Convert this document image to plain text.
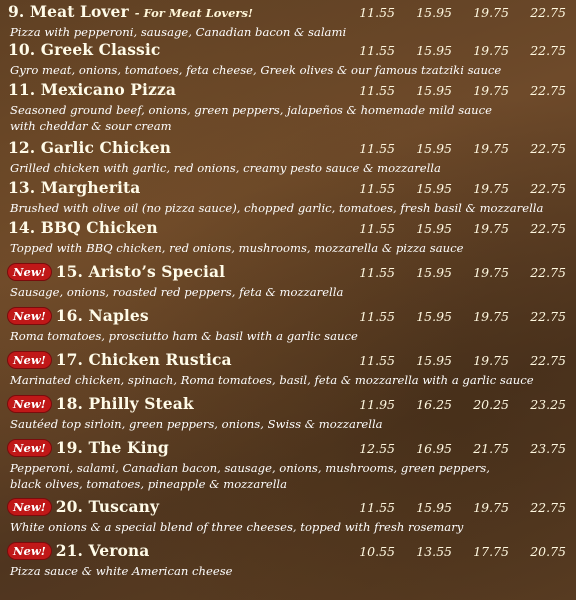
9. Meat Lover - For Meat Lovers!	11.55	15.95	19.75	22.75
Pizza with pepperoni, sausage, Canadian bacon & salami
10. Greek Classic	11.55	15.95	19.75	22.75
Gyro meat, onions, tomatoes, feta cheese, Greek olives & our famous tzatziki sauce
11. Mexicano Pizza	11.55	15.95	19.75	22.75
Seasoned ground beef, onions, green peppers, jalapeños & homemade mild sauce
with cheddar & sour cream
12. Garlic Chicken	11.55	15.95	19.75	22.75
Grilled chicken with garlic, red onions, creamy pesto sauce & mozzarella
13. Margherita	11.55	15.95	19.75	22.75
Brushed with olive oil (no pizza sauce), chopped garlic, tomatoes, fresh basil & mozzarella
14. BBQ Chicken	11.55	15.95	19.75	22.75
Topped with BBQ chicken, red onions, mushrooms, mozzarella & pizza sauce
New! 15. Aristo’s Special	11.55	15.95	19.75	22.75
Sausage, onions, roasted red peppers, feta & mozzarella
New! 16. Naples	11.55	15.95	19.75	22.75
Roma tomatoes, prosciutto ham & basil with a garlic sauce
New! 17. Chicken Rustica	11.55	15.95	19.75	22.75
Marinated chicken, spinach, Roma tomatoes, basil, feta & mozzarella with a garlic sauce
New! 18. Philly Steak	11.95	16.25	20.25	23.25
Sautéed top sirloin, green peppers, onions, Swiss & mozzarella
New! 19. The King	12.55	16.95	21.75	23.75
Pepperoni, salami, Canadian bacon, sausage, onions, mushrooms, green peppers,
black olives, tomatoes, pineapple & mozzarella
New! 20. Tuscany	11.55	15.95	19.75	22.75
White onions & a special blend of three cheeses, topped with fresh rosemary
New! 21. Verona	10.55	13.55	17.75	20.75
Pizza sauce & white American cheese
